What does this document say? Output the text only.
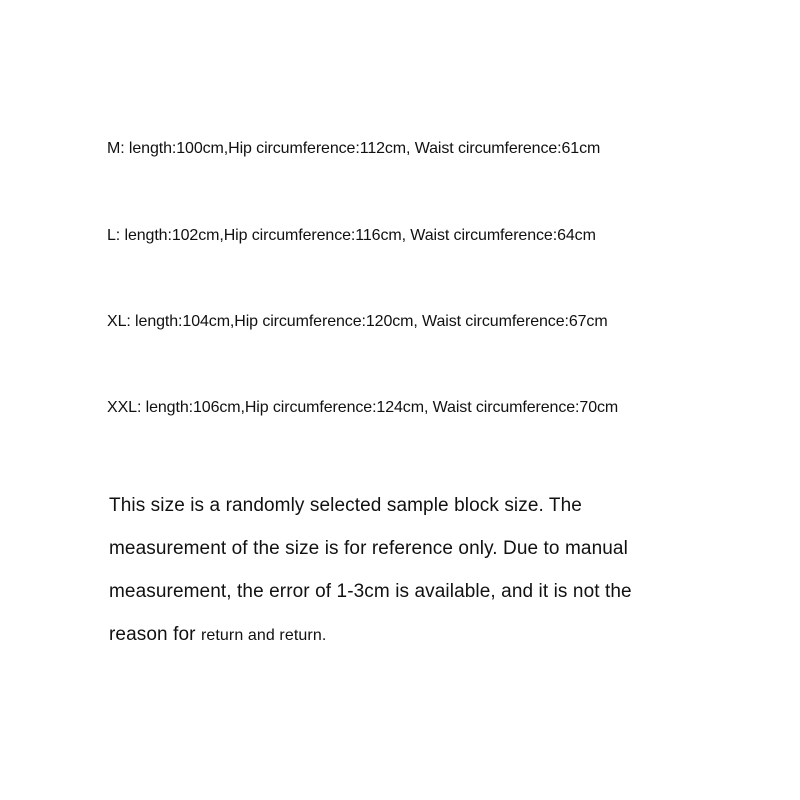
M: length:100cm,Hip circumference:112cm, Waist circumference:61cm
L: length:102cm,Hip circumference:116cm, Waist circumference:64cm
XL: length:104cm,Hip circumference:120cm, Waist circumference:67cm
XXL: length:106cm,Hip circumference:124cm, Waist circumference:70cm
This size is a randomly selected sample block size. The
measurement of the size is for reference only. Due to manual
measurement, the error of 1-3cm is available, and it is not the
reason for return and return.
